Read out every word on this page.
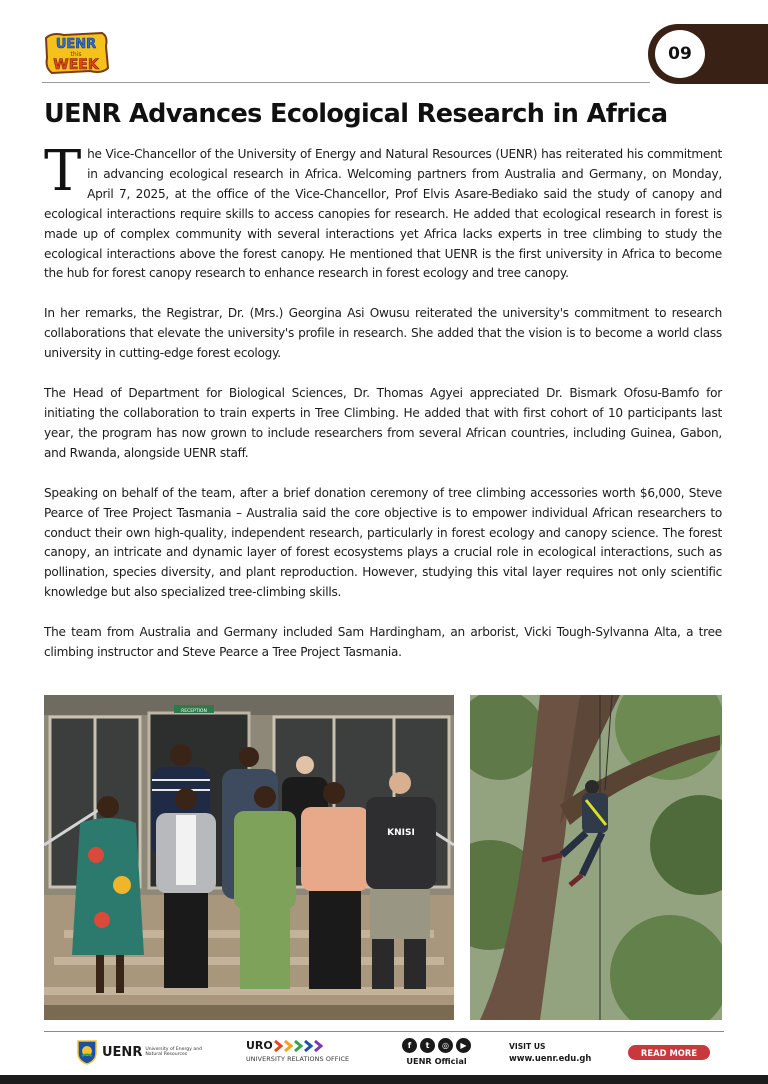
UENR
this
WEEK
09
UENR Advances Ecological Research in Africa

The Vice-Chancellor of the University of Energy and Natural Resources (UENR) has reiterated his commitment in advancing ecological research in Africa. Welcoming partners from Australia and Germany, on Monday, April 7, 2025, at the office of the Vice-Chancellor, Prof Elvis Asare-Bediako said the study of canopy and ecological interactions require skills to access canopies for research. He added that ecological research in forest is made up of complex community with several interactions yet Africa lacks experts in tree climbing to study the ecological interactions above the forest canopy. He mentioned that UENR is the first university in Africa to become the hub for forest canopy research to enhance research in forest ecology and tree canopy.

In her remarks, the Registrar, Dr. (Mrs.) Georgina Asi Owusu reiterated the university's commitment to research collaborations that elevate the university's profile in research. She added that the vision is to become a world class university in cutting-edge forest ecology.

The Head of Department for Biological Sciences, Dr. Thomas Agyei appreciated Dr. Bismark Ofosu-Bamfo for initiating the collaboration to train experts in Tree Climbing. He added that with first cohort of 10 participants last year, the program has now grown to include researchers from several African countries, including Guinea, Gabon, and Rwanda, alongside UENR staff.

Speaking on behalf of the team, after a brief donation ceremony of tree climbing accessories worth $6,000, Steve Pearce of Tree Project Tasmania – Australia said the core objective is to empower individual African researchers to conduct their own high-quality, independent research, particularly in forest ecology and canopy science. The forest canopy, an intricate and dynamic layer of forest ecosystems plays a crucial role in ecological interactions, such as pollination, species diversity, and plant reproduction. However, studying this vital layer requires not only scientific knowledge but also specialized tree-climbing skills.

The team from Australia and Germany included Sam Hardingham, an arborist, Vicki Tough-Sylvanna Alta, a tree climbing instructor and Steve Pearce a Tree Project Tasmania.

RECEPTION
KNISI
UENR University of Energy and Natural Resources
URO
UNIVERSITY RELATIONS OFFICE
f	t	◎	▶
UENR Official
VISIT US
www.uenr.edu.gh
READ MORE
